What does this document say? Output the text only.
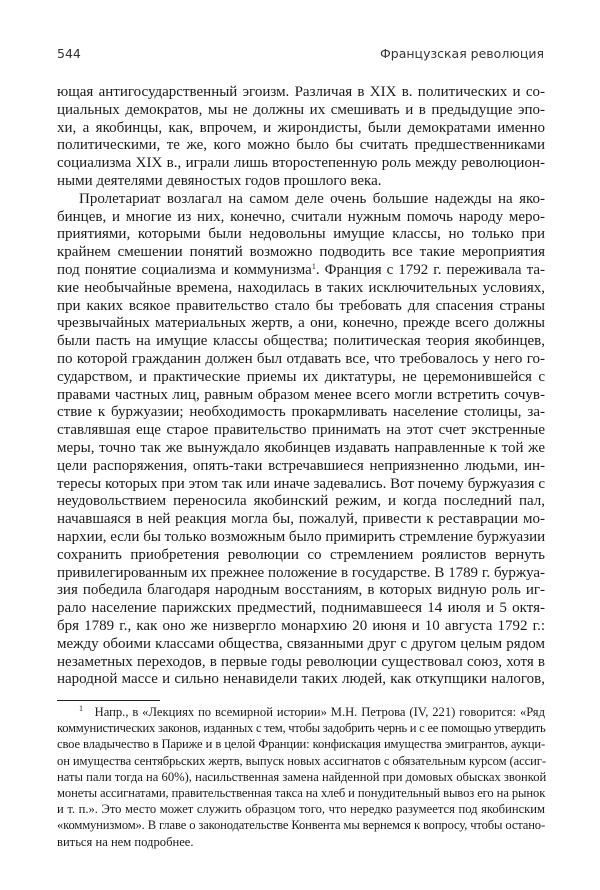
544	Французская революция
ющая антигосударственный эгоизм. Различая в XIX в. политических и со-
циальных демократов, мы не должны их смешивать и в предыдущие эпо-
хи, а якобинцы, как, впрочем, и жирондисты, были демократами именно
политическими, те же, кого можно было бы считать предшественниками
социализма XIX в., играли лишь второстепенную роль между революцион-
ными деятелями девяностых годов прошлого века.
Пролетариат возлагал на самом деле очень большие надежды на яко-
бинцев, и многие из них, конечно, считали нужным помочь народу меро-
приятиями, которыми были недовольны имущие классы, но только при
крайнем смешении понятий возможно подводить все такие мероприятия
под понятие социализма и коммунизма$^1$. Франция с 1792 г. переживала та-
кие необычайные времена, находилась в таких исключительных условиях,
при каких всякое правительство стало бы требовать для спасения страны
чрезвычайных материальных жертв, а они, конечно, прежде всего должны
были пасть на имущие классы общества; политическая теория якобинцев,
по которой гражданин должен был отдавать все, что требовалось у него го-
сударством, и практические приемы их диктатуры, не церемонившейся с
правами частных лиц, равным образом менее всего могли встретить сочув-
ствие к буржуазии; необходимость прокармливать население столицы, за-
ставлявшая еще старое правительство принимать на этот счет экстренные
меры, точно так же вынуждало якобинцев издавать направленные к той же
цели распоряжения, опять-таки встречавшиеся неприязненно людьми, ин-
тересы которых при этом так или иначе задевались. Вот почему буржуазия с
неудовольствием переносила якобинский режим, и когда последний пал,
начавшаяся в ней реакция могла бы, пожалуй, привести к реставрации мо-
нархии, если бы только возможным было примирить стремление буржуазии
сохранить приобретения революции со стремлением роялистов вернуть
привилегированным их прежнее положение в государстве. В 1789 г. буржуа-
зия победила благодаря народным восстаниям, в которых видную роль иг-
рало население парижских предместий, поднимавшееся 14 июля и 5 октя-
бря 1789 г., как оно же низвергло монархию 20 июня и 10 августа 1792 г.:
между обоими классами общества, связанными друг с другом целым рядом
незаметных переходов, в первые годы революции существовал союз, хотя в
народной массе и сильно ненавидели таких людей, как откупщики налогов,
$^1$ Напр., в «Лекциях по всемирной истории» М.Н. Петрова (IV, 221) говорится: «Ряд
коммунистических законов, изданных с тем, чтобы задобрить чернь и с ее помощью утвердить
свое владычество в Париже и в целой Франции: конфискация имущества эмигрантов, аукци-
он имущества сентябрьских жертв, выпуск новых ассигнатов с обязательным курсом (ассиг-
наты пали тогда на 60%), насильственная замена найденной при домовых обысках звонкой
монеты ассигнатами, правительственная такса на хлеб и понудительный вывоз его на рынок
и т. п.». Это место может служить образцом того, что нередко разумеется под якобинским
«коммунизмом». В главе о законодательстве Конвента мы вернемся к вопросу, чтобы остано-
виться на нем подробнее.
